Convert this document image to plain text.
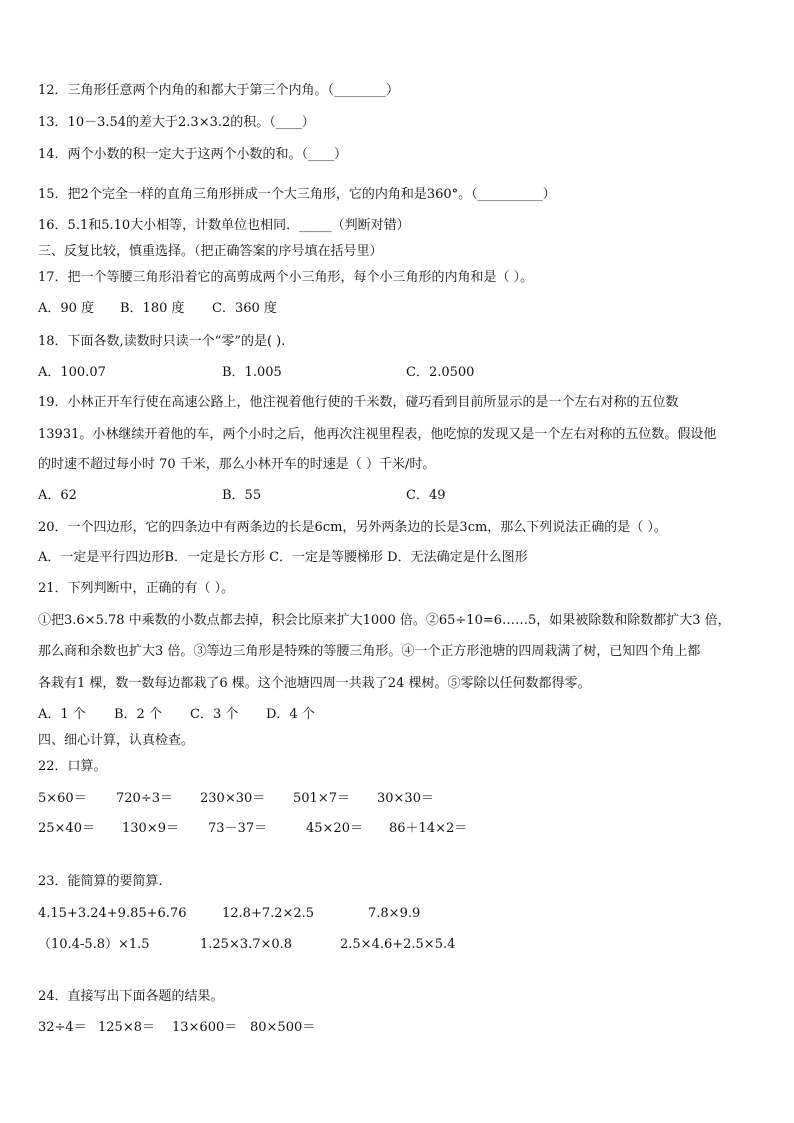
12．三角形任意两个内角的和都大于第三个内角。（________）
13．10－3.54的差大于2.3×3.2的积。（____）
14．两个小数的积一定大于这两个小数的和。（____）
15．把2个完全一样的直角三角形拼成一个大三角形，它的内角和是360°。（__________）
16．5.1和5.10大小相等，计数单位也相同．_____（判断对错）
三、反复比较，慎重选择。（把正确答案的序号填在括号里）
17．把一个等腰三角形沿着它的高剪成两个小三角形，每个小三角形的内角和是（ ）。
A．90 度 B．180 度 C．360 度
18．下面各数,读数时只读一个“零”的是( ).
A．100.07	B．1.005	C．2.0500
19．小林正开车行使在高速公路上，他注视着他行使的千米数，碰巧看到目前所显示的是一个左右对称的五位数
13931。小林继续开着他的车，两个小时之后，他再次注视里程表，他吃惊的发现又是一个左右对称的五位数。假设他
的时速不超过每小时 70 千米，那么小林开车的时速是（ ）千米/时。
A．62	B．55	C．49
20．一个四边形，它的四条边中有两条边的长是6cm，另外两条边的长是3cm，那么下列说法正确的是（ ）。
A．一定是平行四边形B．一定是长方形 C．一定是等腰梯形 D．无法确定是什么图形
21．下列判断中，正确的有（ ）。
①把3.6×5.78 中乘数的小数点都去掉，积会比原来扩大1000 倍。②65÷10=6……5，如果被除数和除数都扩大3 倍，
那么商和余数也扩大3 倍。③等边三角形是特殊的等腰三角形。④一个正方形池塘的四周栽满了树，已知四个角上都
各栽有1 棵，数一数每边都栽了6 棵。这个池塘四周一共栽了24 棵树。⑤零除以任何数都得零。
A．1 个 B．2 个 C．3 个 D．4 个
四、细心计算，认真检查。
22．口算。
5×60＝ 720÷3＝ 230×30＝ 501×7＝ 30×30＝
25×40＝ 130×9＝ 73－37＝	45×20＝ 86＋14×2＝
23．能简算的要简算.
4.15+3.24+9.85+6.76	12.8+7.2×2.5	7.8×9.9
（10.4-5.8）×1.5	1.25×3.7×0.8	2.5×4.6+2.5×5.4
24．直接写出下面各题的结果。
32÷4＝ 125×8＝ 13×600＝ 80×500＝
